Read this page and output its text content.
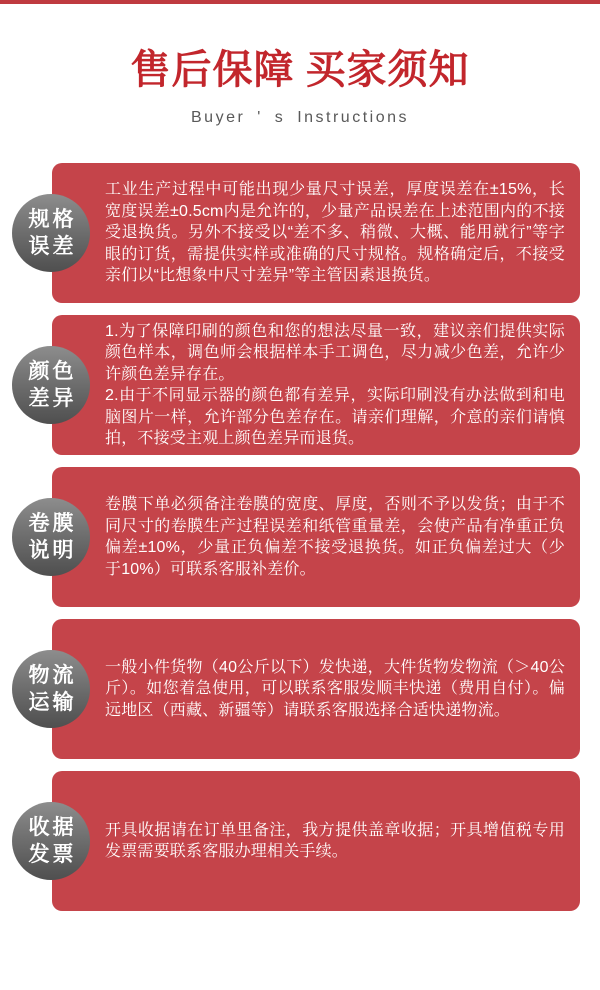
售后保障 买家须知
Buyer ' s Instructions
规格
误差

工业生产过程中可能出现少量尺寸误差，厚度误差在±15%，长宽度误差±0.5cm内是允许的，少量产品误差在上述范围内的不接受退换货。另外不接受以“差不多、稍微、大概、能用就行”等字眼的订货，需提供实样或准确的尺寸规格。规格确定后，不接受亲们以“比想象中尺寸差异”等主管因素退换货。

颜色
差异

1.为了保障印刷的颜色和您的想法尽量一致，建议亲们提供实际颜色样本，调色师会根据样本手工调色，尽力减少色差，允许少许颜色差异存在。

2.由于不同显示器的颜色都有差异，实际印刷没有办法做到和电脑图片一样，允许部分色差存在。请亲们理解，介意的亲们请慎拍，不接受主观上颜色差异而退货。

卷膜
说明

卷膜下单必须备注卷膜的宽度、厚度，否则不予以发货；由于不同尺寸的卷膜生产过程误差和纸管重量差，会使产品有净重正负偏差±10%，少量正负偏差不接受退换货。如正负偏差过大（少于10%）可联系客服补差价。

物流
运输

一般小件货物（40公斤以下）发快递，大件货物发物流（＞40公斤）。如您着急使用，可以联系客服发顺丰快递（费用自付）。偏远地区（西藏、新疆等）请联系客服选择合适快递物流。

收据
发票

开具收据请在订单里备注，我方提供盖章收据；开具增值税专用发票需要联系客服办理相关手续。
